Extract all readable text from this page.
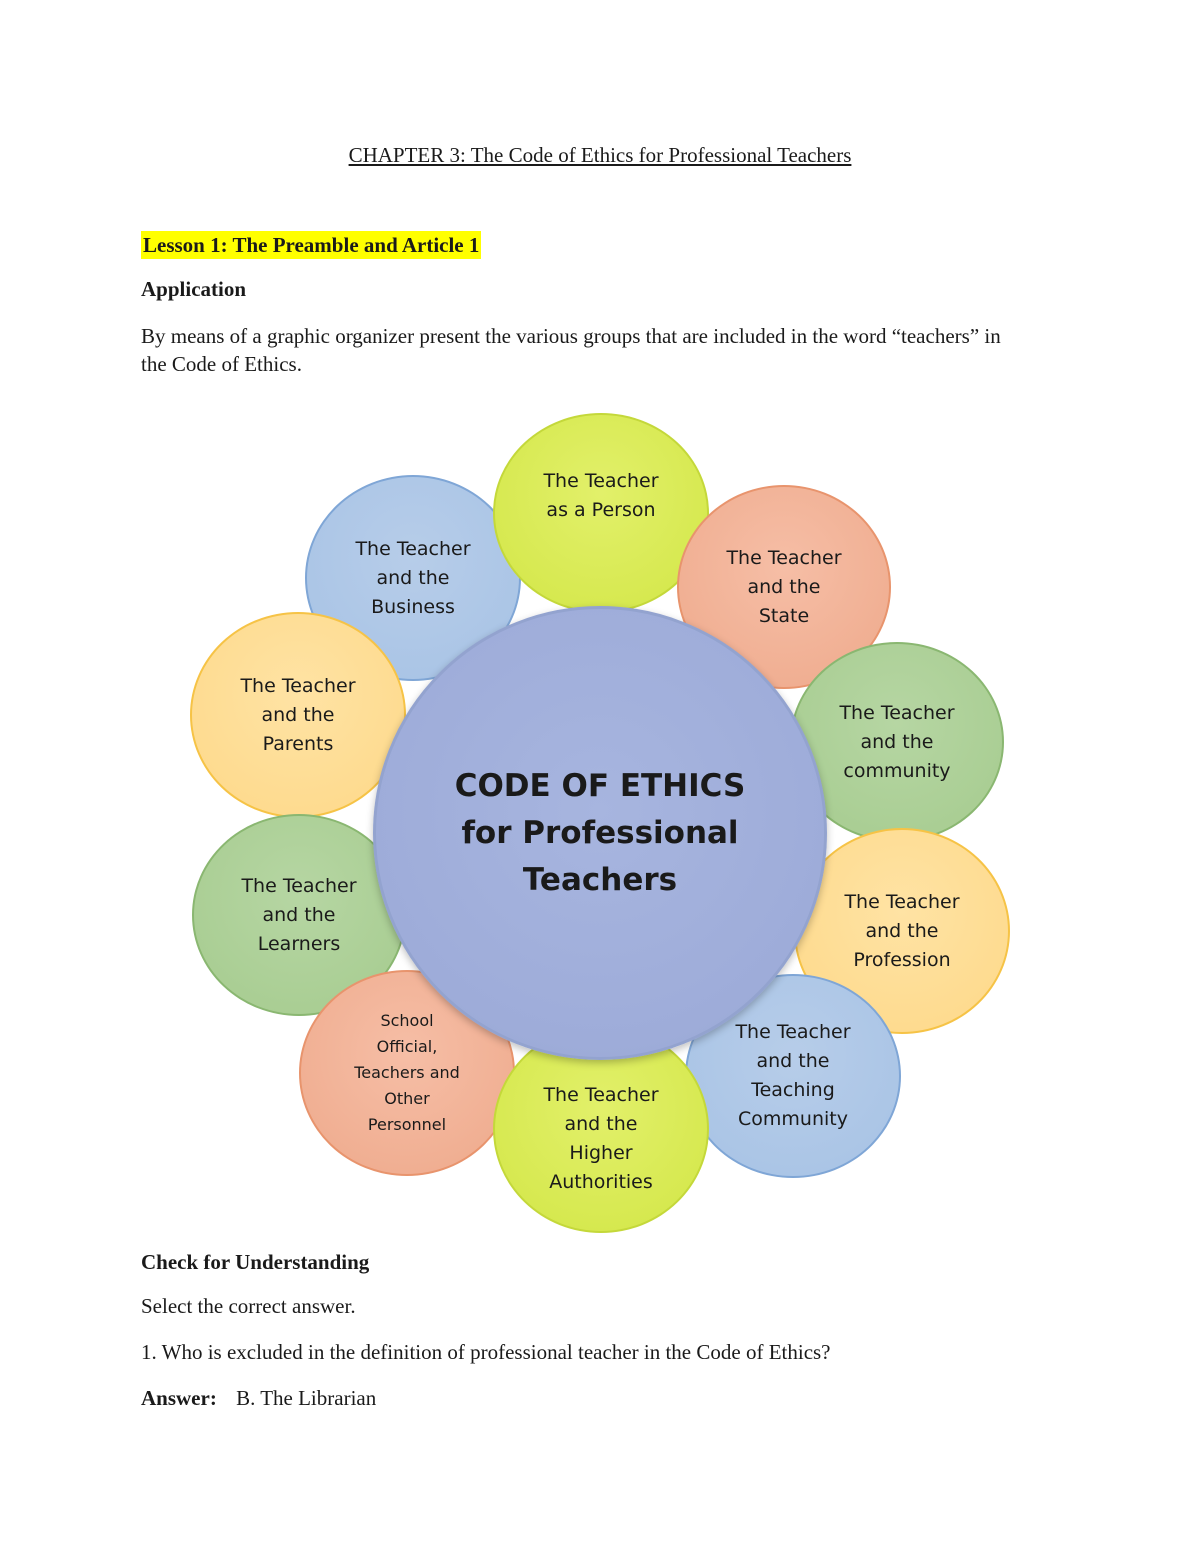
CHAPTER 3: The Code of Ethics for Professional Teachers
Lesson 1: The Preamble and Article 1
Application
By means of a graphic organizer present the various groups that are included in the word “teachers” in the Code of Ethics.
The Teacher
and the
Business
The Teacher
as a Person
The Teacher
and the
State
The Teacher
and the
Parents
The Teacher
and the
community
The Teacher
and the
Learners
The Teacher
and the
Profession
School
Official,
Teachers and
Other
Personnel
The Teacher
and the
Teaching
Community
The Teacher
and the
Higher
Authorities
CODE OF ETHICS
for Professional
Teachers
Check for Understanding
Select the correct answer.
1. Who is excluded in the definition of professional teacher in the Code of Ethics?
Answer: B. The Librarian
